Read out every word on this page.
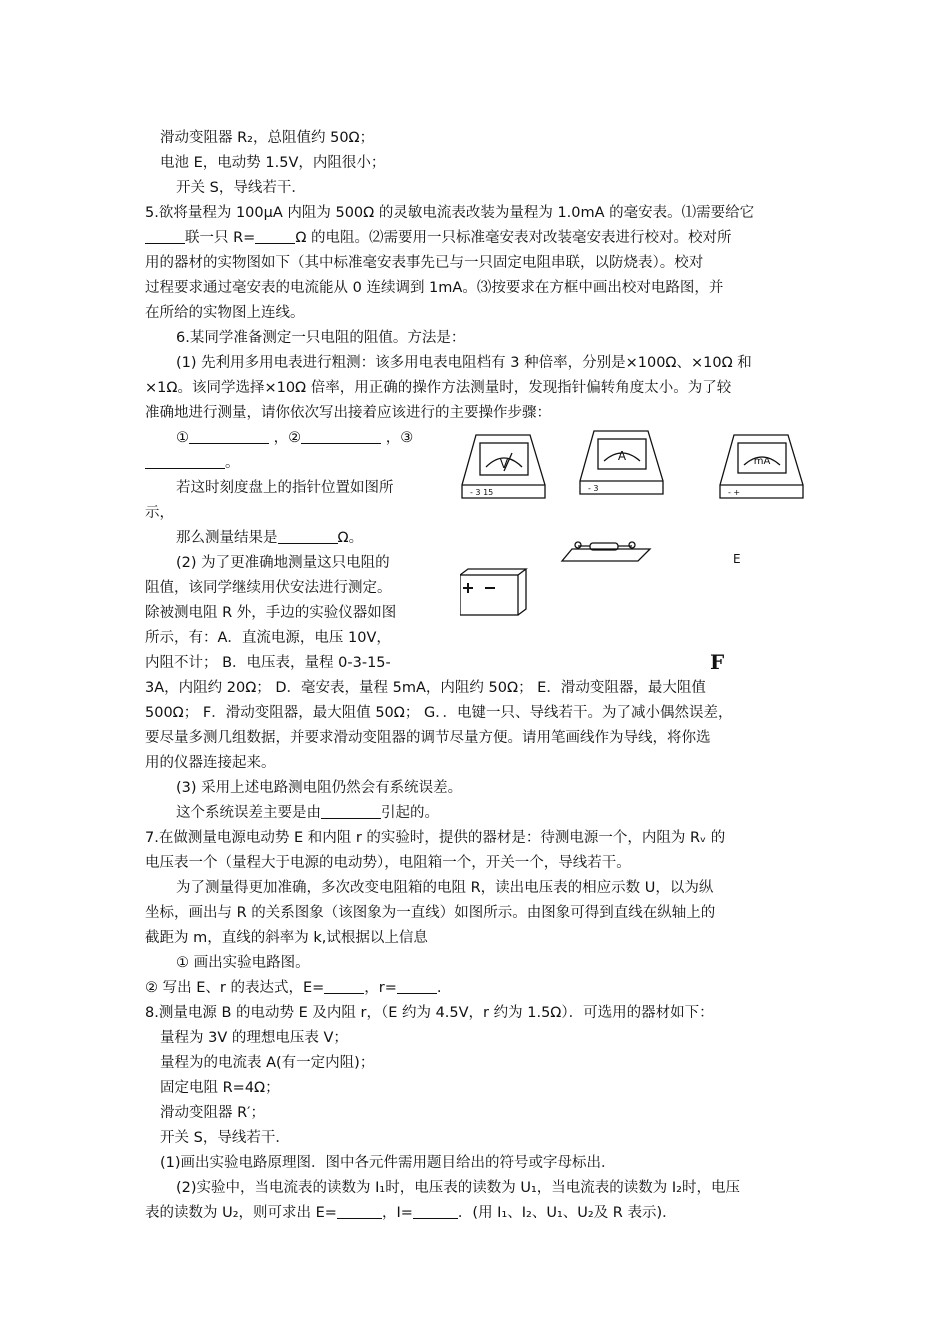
滑动变阻器 R₂，总阻值约 50Ω；
电池 E，电动势 1.5V，内阻很小；
开关 S，导线若干．
5.欲将量程为 100μA 内阻为 500Ω 的灵敏电流表改装为量程为 1.0mA 的毫安表。⑴需要给它
联一只 R=	Ω 的电阻。⑵需要用一只标准毫安表对改装毫安表进行校对。校对所
用的器材的实物图如下（其中标准毫安表事先已与一只固定电阻串联，以防烧表）。校对
过程要求通过毫安表的电流能从 0 连续调到 1mA。⑶按要求在方框中画出校对电路图，并
在所给的实物图上连线。
6.某同学准备测定一只电阻的阻值。方法是：
(1) 先利用多用电表进行粗测：该多用电表电阻档有 3 种倍率，分别是×100Ω、×10Ω 和
×1Ω。该同学选择×10Ω 倍率，用正确的操作方法测量时，发现指针偏转角度太小。为了较
准确地进行测量，请你依次写出接着应该进行的主要操作步骤：
①	，②	，③
。
若这时刻度盘上的指针位置如图所
示，
那么测量结果是	Ω。
(2) 为了更准确地测量这只电阻的
阻值，该同学继续用伏安法进行测定。
除被测电阻 R 外，手边的实验仪器如图
所示，有：A．直流电源，电压 10V，
内阻不计； B．电压表，量程 0-3-15-
3A，内阻约 20Ω； D．毫安表，量程 5mA，内阻约 50Ω； E．滑动变阻器，最大阻值
500Ω； F．滑动变阻器，最大阻值 50Ω； G．．电键一只、导线若干。为了减小偶然误差，
要尽量多测几组数据，并要求滑动变阻器的调节尽量方便。请用笔画线作为导线，将你选
用的仪器连接起来。
(3) 采用上述电路测电阻仍然会有系统误差。
这个系统误差主要是由	引起的。
7.在做测量电源电动势 E 和内阻 r 的实验时，提供的器材是：待测电源一个，内阻为 Rᵥ 的
电压表一个（量程大于电源的电动势），电阻箱一个，开关一个，导线若干。
为了测量得更加准确，多次改变电阻箱的电阻 R，读出电压表的相应示数 U，以为纵
坐标，画出与 R 的关系图象（该图象为一直线）如图所示。由图象可得到直线在纵轴上的
截距为 m，直线的斜率为 k,试根据以上信息
① 画出实验电路图。
② 写出 E、r 的表达式，E=	，r=	.
8.测量电源 B 的电动势 E 及内阻 r，（E 约为 4.5V，r 约为 1.5Ω）．可选用的器材如下：
量程为 3V 的理想电压表 V；
量程为的电流表 A(有一定内阻)；
固定电阻 R=4Ω；
滑动变阻器 R′；
开关 S，导线若干．
(1)画出实验电路原理图．图中各元件需用题目给出的符号或字母标出．
(2)实验中，当电流表的读数为 I₁时，电压表的读数为 U₁，当电流表的读数为 I₂时，电压
表的读数为 U₂，则可求出 E=	，I=	．(用 I₁、I₂、U₁、U₂及 R 表示)．
V
A	mA
- 3 15	- 3	- +
E
F
